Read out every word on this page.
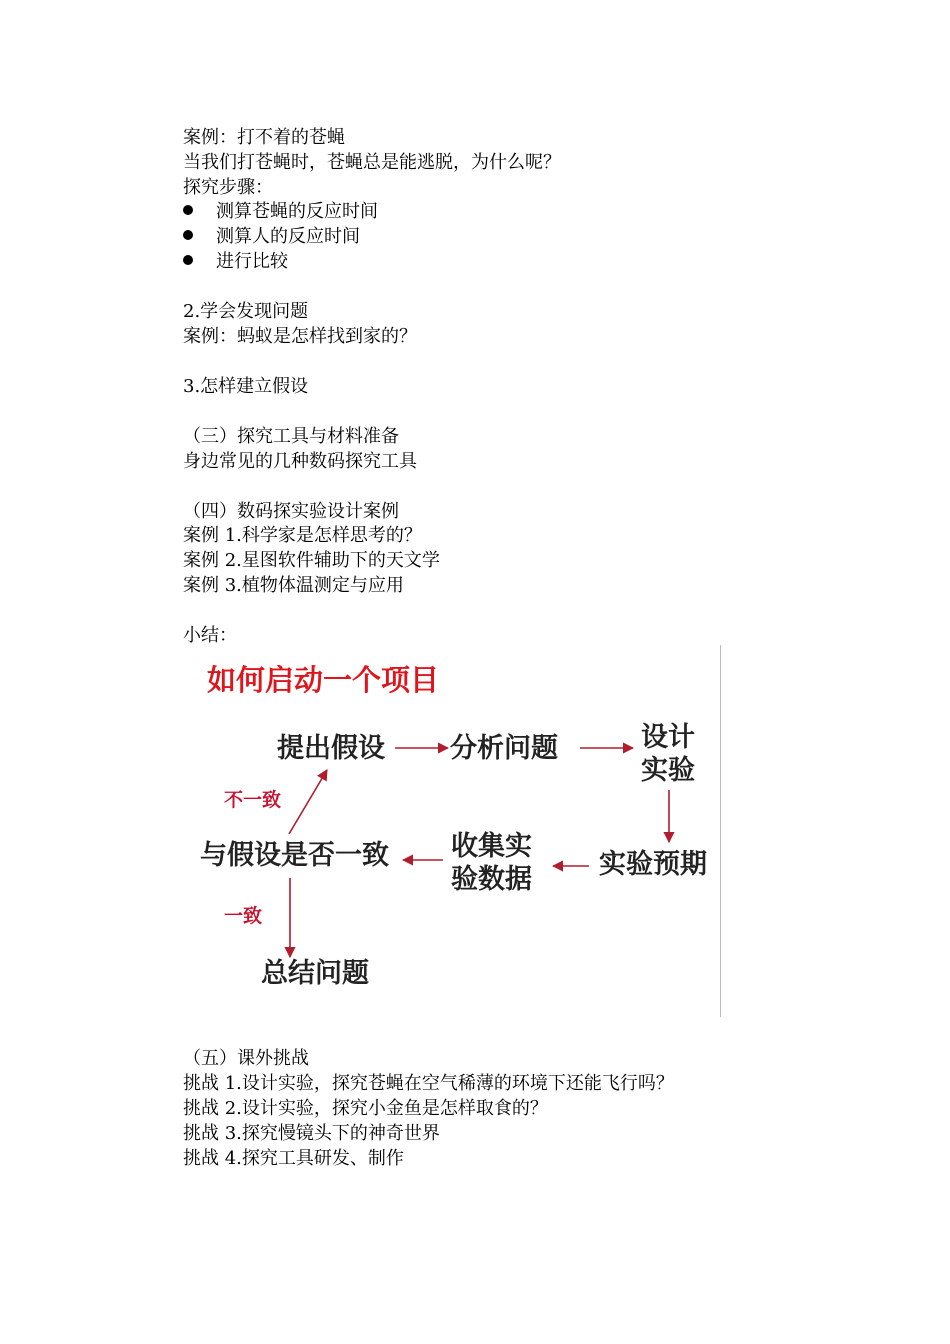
案例：打不着的苍蝇
当我们打苍蝇时，苍蝇总是能逃脱，为什么呢？
探究步骤：
测算苍蝇的反应时间
测算人的反应时间
进行比较
2.学会发现问题
案例：蚂蚁是怎样找到家的？
3.怎样建立假设
（三）探究工具与材料准备
身边常见的几种数码探究工具
（四）数码探实验设计案例
案例 1.科学家是怎样思考的？
案例 2.星图软件辅助下的天文学
案例 3.植物体温测定与应用
小结：
如何启动一个项目
提出假设 分析问题	设计
实验
实验预期
收集实
验数据
与假设是否一致
总结问题
不一致
一致
（五）课外挑战
挑战 1.设计实验，探究苍蝇在空气稀薄的环境下还能飞行吗？
挑战 2.设计实验，探究小金鱼是怎样取食的？
挑战 3.探究慢镜头下的神奇世界
挑战 4.探究工具研发、制作
